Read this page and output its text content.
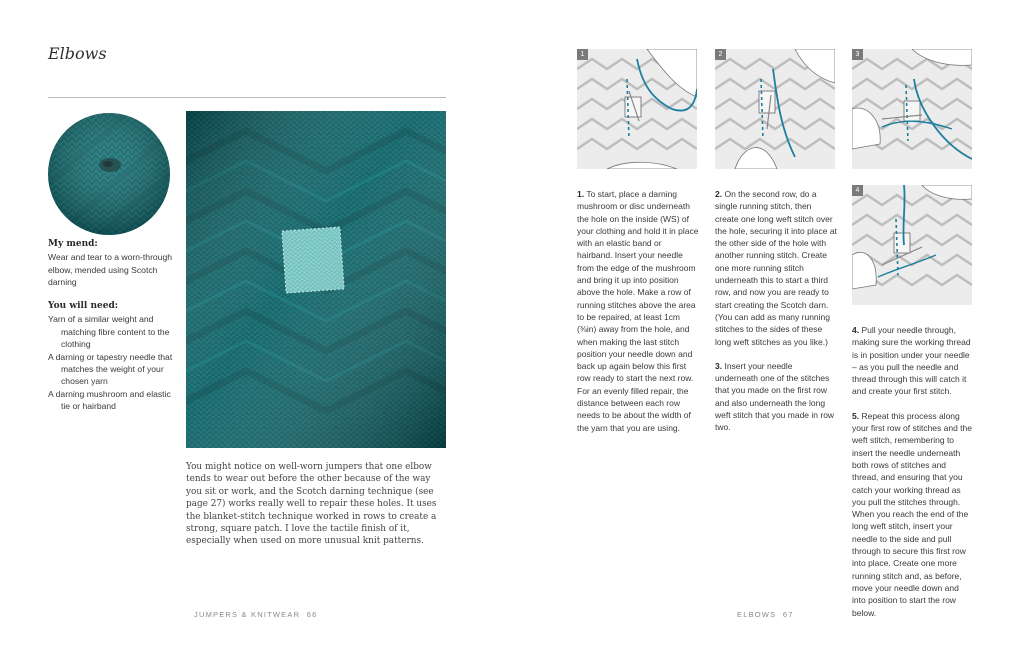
Elbows
My mend:
Wear and tear to a worn-through elbow, mended using Scotch darning
You will need:
Yarn of a similar weight and matching fibre content to the clothing
A darning or tapestry needle that matches the weight of your chosen yarn
A darning mushroom and elastic tie or hairband
You might notice on well-worn jumpers that one elbow tends to wear out before the other because of the way you sit or work, and the Scotch darning technique (see page 27) works really well to repair these holes. It uses the blanket-stitch technique worked in rows to create a strong, square patch. I love the tactile finish of it, especially when used on more unusual knit patterns.
JUMPERS & KNITWEAR 66
1	2	3
4

1. To start, place a darning mushroom or disc underneath the hole on the inside (WS) of your clothing and hold it in place with an elastic band or hairband. Insert your needle from the edge of the mushroom and bring it up into position above the hole. Make a row of running stitches above the area to be repaired, at least 1cm (⅜in) away from the hole, and when making the last stitch position your needle down and back up again below this first row ready to start the next row. For an evenly filled repair, the distance between each row needs to be about the width of the yarn that you are using.

2. On the second row, do a single running stitch, then create one long weft stitch over the hole, securing it into place at the other side of the hole with another running stitch. Create one more running stitch underneath this to start a third row, and now you are ready to start creating the Scotch darn. (You can add as many running stitches to the sides of these long weft stitches as you like.)

3. Insert your needle underneath one of the stitches that you made on the first row and also underneath the long weft stitch that you made in row two.

4. Pull your needle through, making sure the working thread is in position under your needle – as you pull the needle and thread through this will catch it and create your first stitch.

5. Repeat this process along your first row of stitches and the weft stitch, remembering to insert the needle underneath both rows of stitches and thread, and ensuring that you catch your working thread as you pull the stitches through. When you reach the end of the long weft stitch, insert your needle to the side and pull through to secure this first row into place. Create one more running stitch and, as before, move your needle down and into position to start the row below.

ELBOWS 67
